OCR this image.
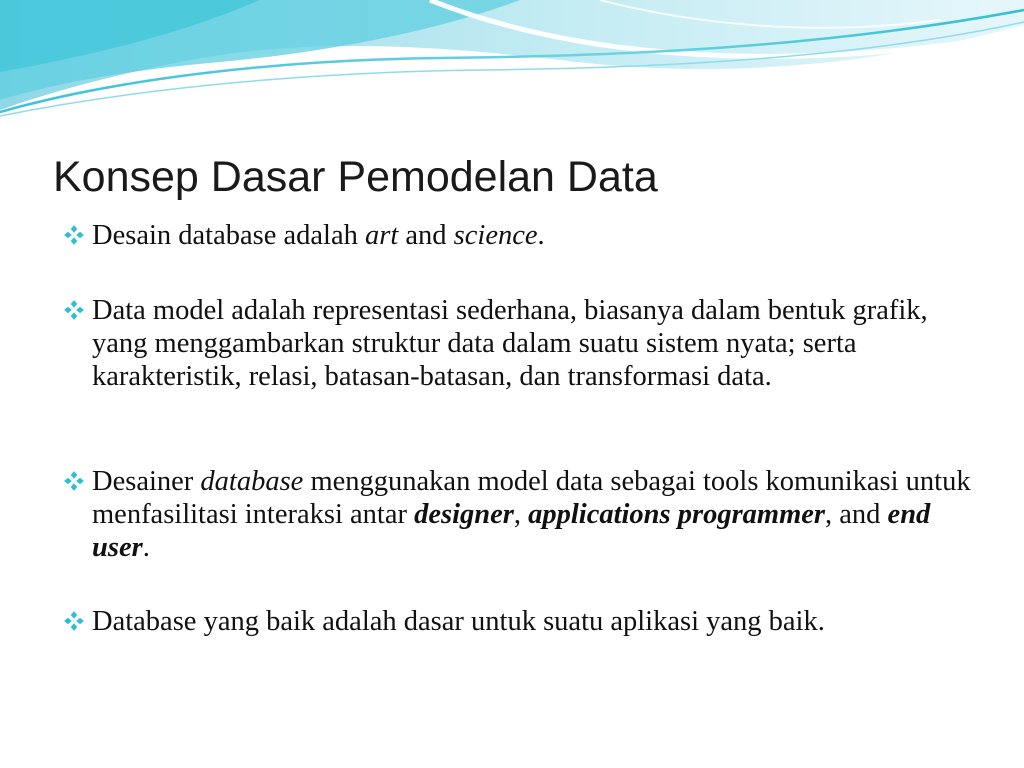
Konsep Dasar Pemodelan Data
Desain database adalah art and science.
Data model adalah representasi sederhana, biasanya dalam bentuk grafik, yang menggambarkan struktur data dalam suatu sistem nyata; serta karakteristik, relasi, batasan-batasan, dan transformasi data.
Desainer database menggunakan model data sebagai tools komunikasi untuk menfasilitasi interaksi antar designer, applications programmer, and end user.
Database yang baik adalah dasar untuk suatu aplikasi yang baik.
